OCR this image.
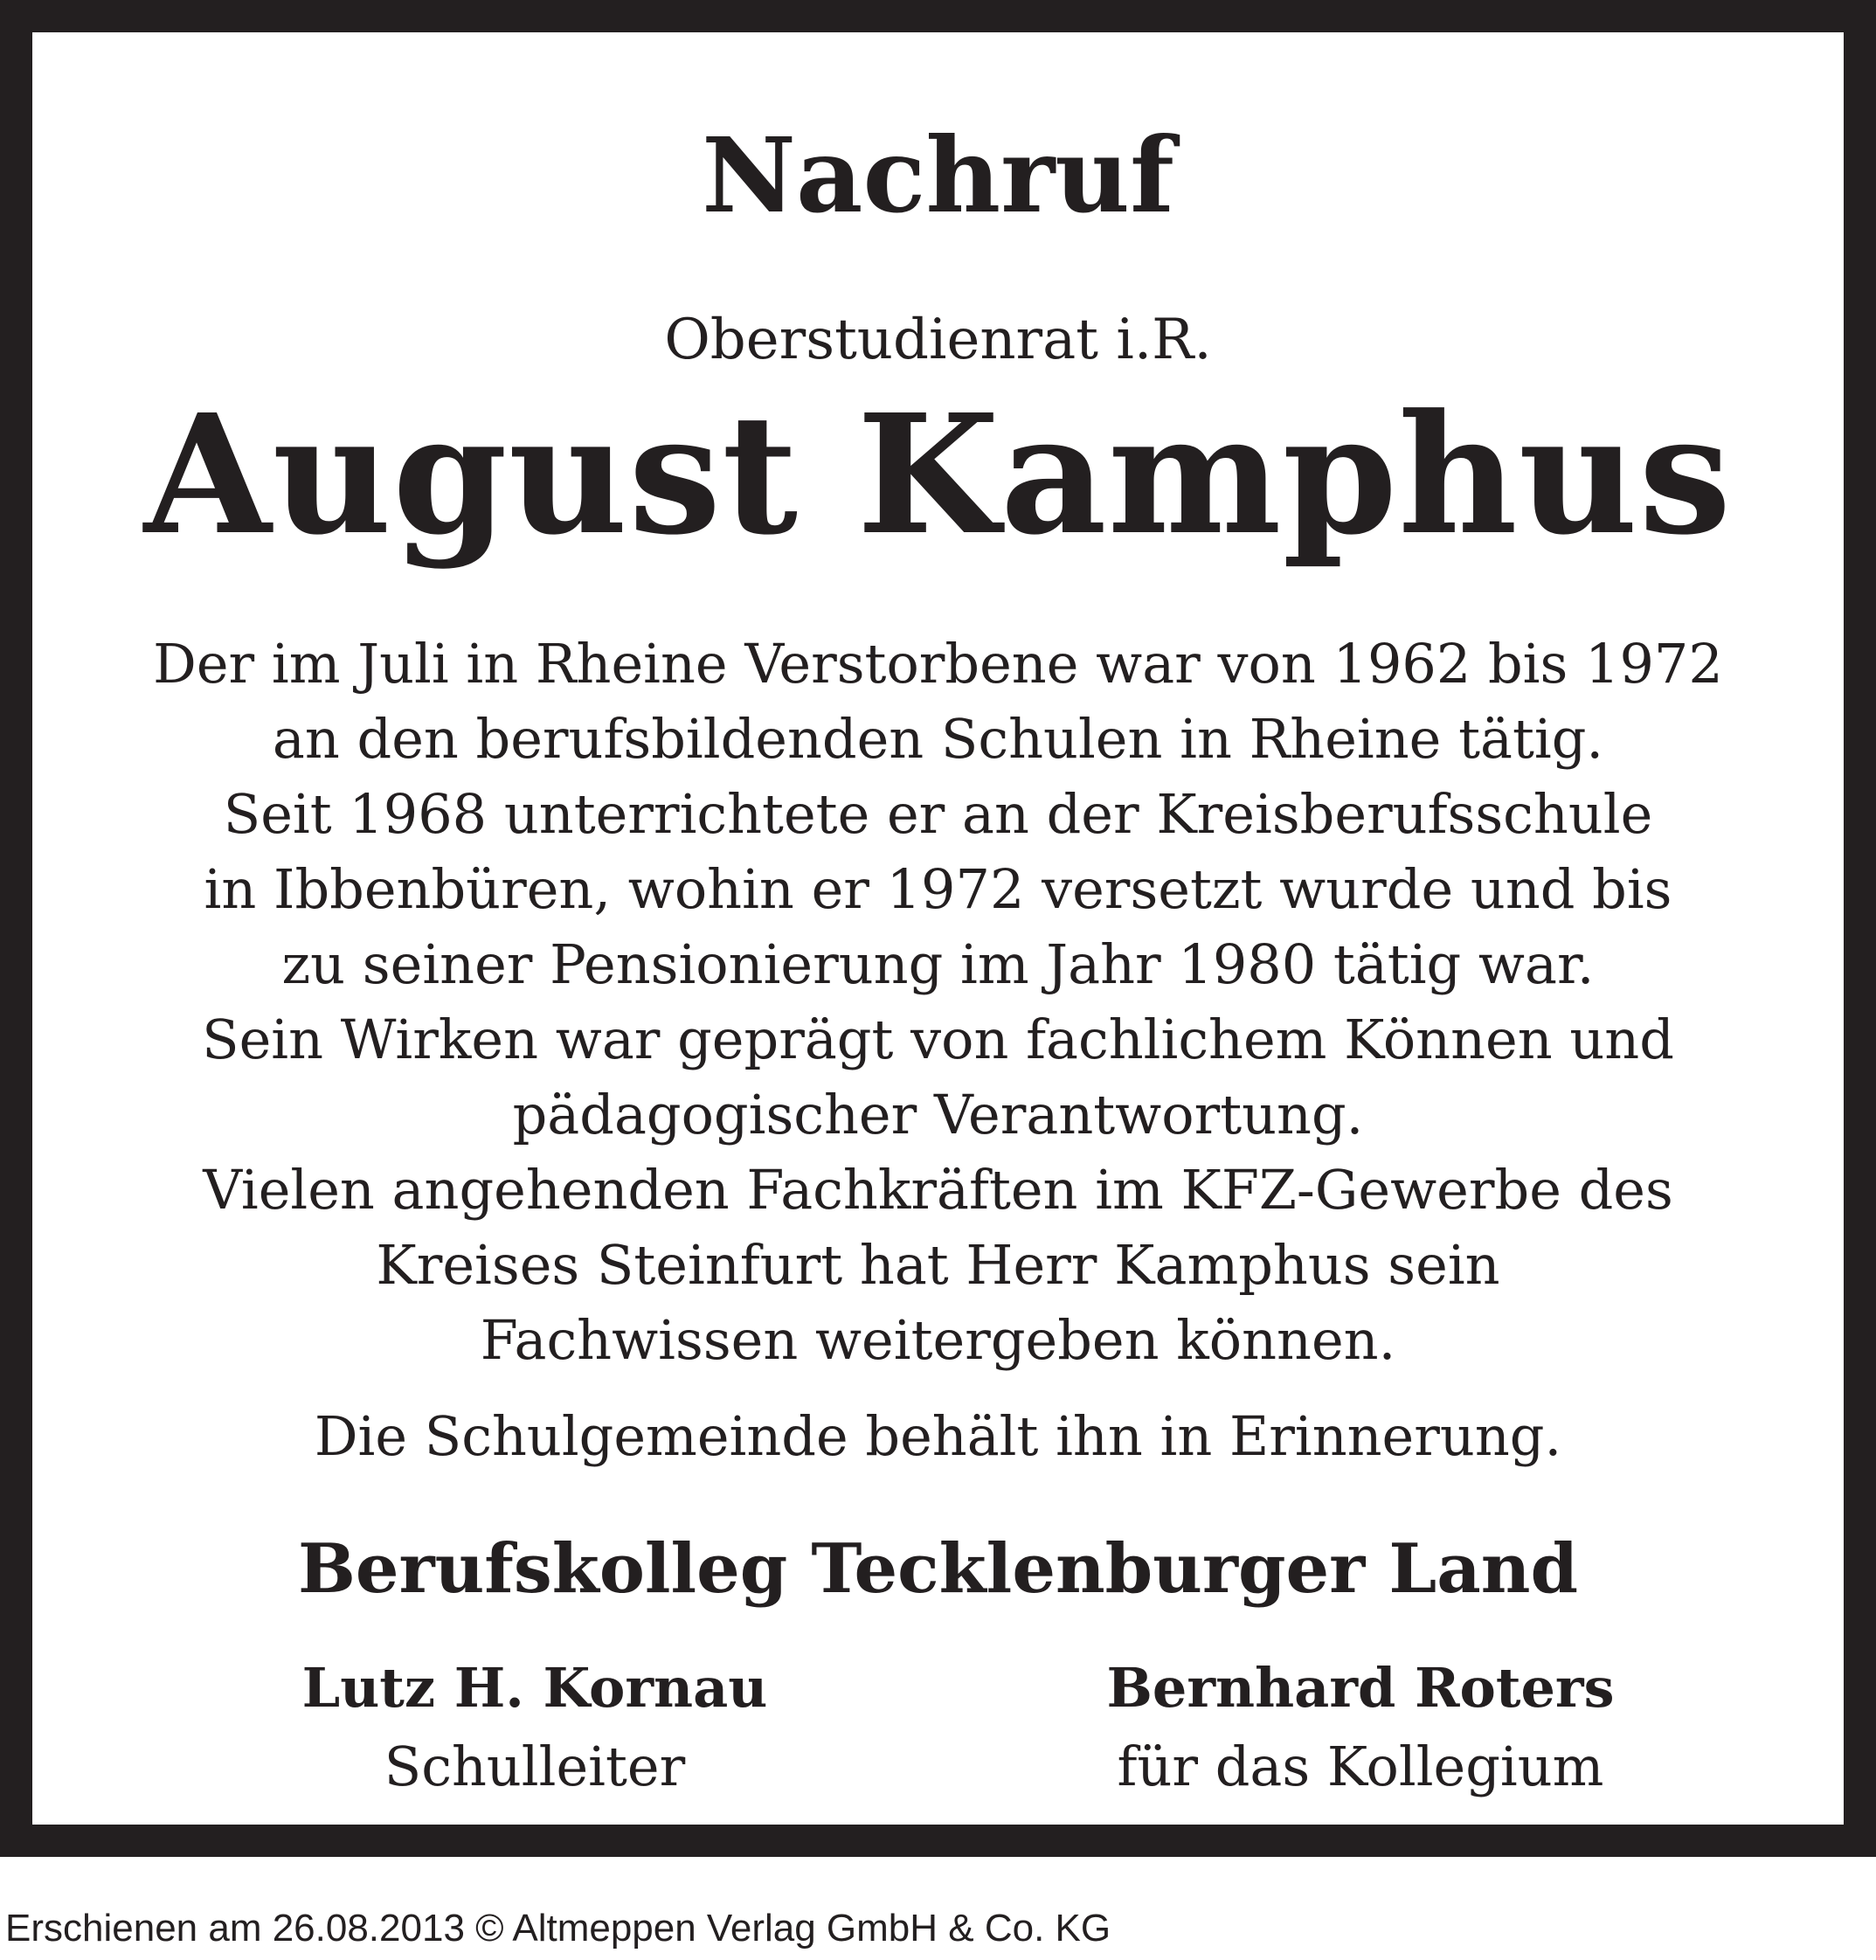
Nachruf
Oberstudienrat i.R.
August Kamphus
Der im Juli in Rheine Verstorbene war von 1962 bis 1972
an den berufsbildenden Schulen in Rheine tätig.
Seit 1968 unterrichtete er an der Kreisberufsschule
in Ibbenbüren, wohin er 1972 versetzt wurde und bis
zu seiner Pensionierung im Jahr 1980 tätig war.
Sein Wirken war geprägt von fachlichem Können und
pädagogischer Verantwortung.
Vielen angehenden Fachkräften im KFZ-Gewerbe des
Kreises Steinfurt hat Herr Kamphus sein
Fachwissen weitergeben können.
Die Schulgemeinde behält ihn in Erinnerung.
Berufskolleg Tecklenburger Land
Lutz H. Kornau
Schulleiter
Bernhard Roters
für das Kollegium
Erschienen am 26.08.2013 © Altmeppen Verlag GmbH & Co. KG
